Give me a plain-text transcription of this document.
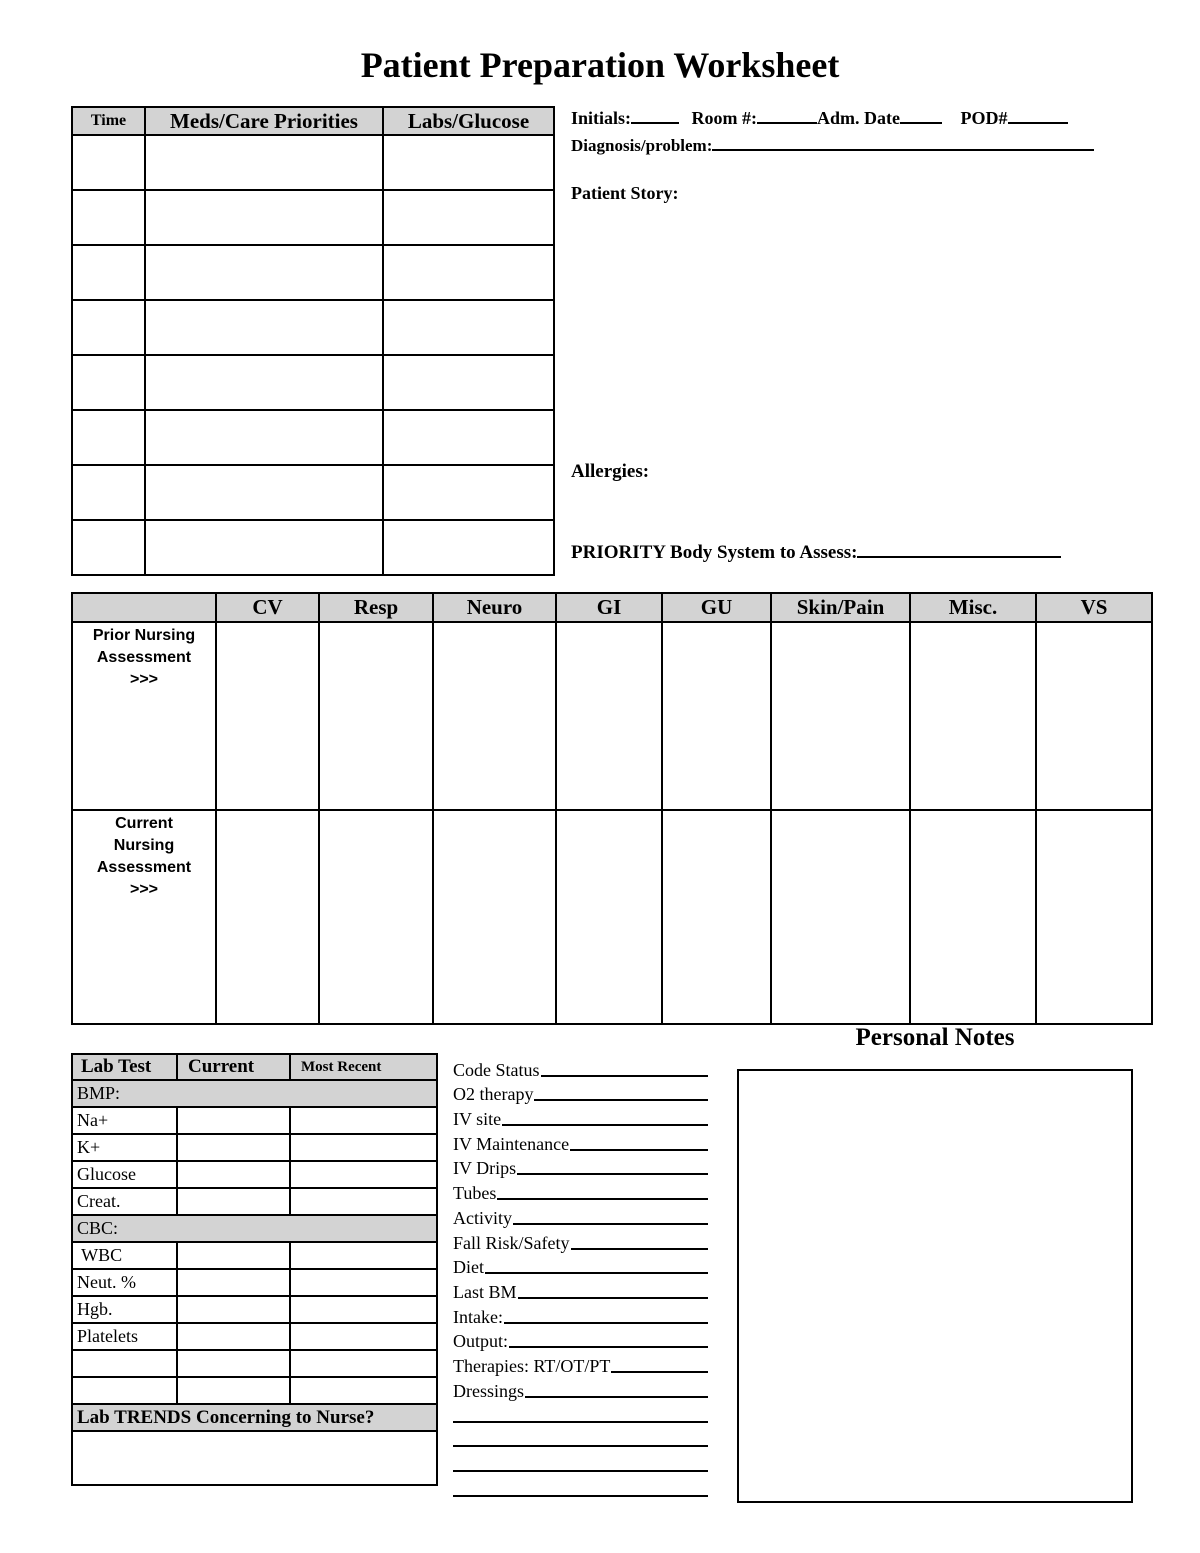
Patient Preparation Worksheet
Time	Meds/Care Priorities	Labs/Glucose

		Initials:	Room #:	Adm. Date	POD#
Diagnosis/problem:
Patient Story:
Allergies:
PRIORITY Body System to Assess:
	CV	Resp	Neuro	GI	GU	Skin/Pain	Misc.	VS

Prior Nursing
Assessment
>>>								

Current
Nursing
Assessment
>>>								

Lab Test	Current	Most Recent
BMP:		
Na+		
K+		
Glucose		
Creat.		
CBC:		
WBC		
Neut. %		
Hgb.		
Platelets		

Lab TRENDS Concerning to Nurse?		

Code Status
O2 therapy
IV site
IV Maintenance
IV Drips
Tubes
Activity
Fall Risk/Safety
Diet
Last BM
Intake:
Output:
Therapies: RT/OT/PT
Dressings
Personal Notes
